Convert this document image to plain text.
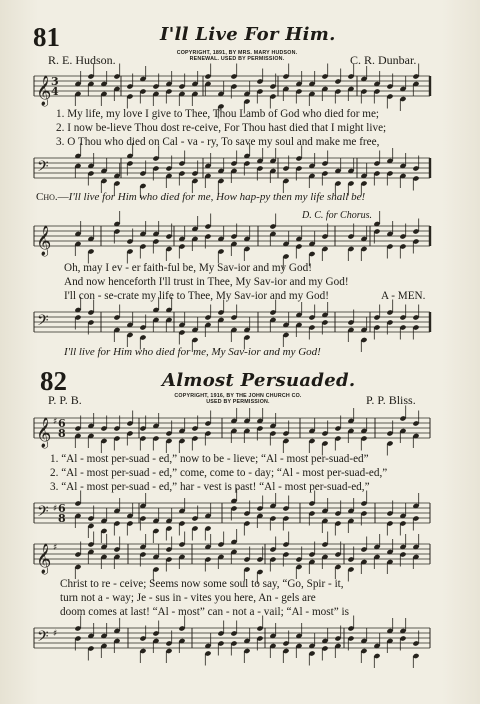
81	I'll Live For Him.
R. E. Hudson.	COPYRIGHT, 1891, BY MRS. MARY HUDSON.
RENEWAL. USED BY PERMISSION.	C. R. Dunbar.
𝄞 3
4
1. My life, my love I give to Thee, Thou Lamb of God who died for me;
2. I now be-lieve Thou dost re-ceive, For Thou hast died that I might live;
3. O Thou who died on Cal - va - ry, To save my soul and make me free,
𝄢
Cho.—I'll live for Him who died for me, How hap-py then my life shall be!
D. C. for Chorus.
𝄞
Oh, may I ev - er faith-ful be, My Sav-ior and my God!
And now henceforth I'll trust in Thee, My Sav-ior and my God!
I'll con - se-crate my life to Thee, My Sav-ior and my God!	A - MEN.
𝄢
I'll live for Him who died for me, My Sav-ior and my God!
82	Almost Persuaded.
P. P. B.	COPYRIGHT, 1916, BY THE JOHN CHURCH CO.
USED BY PERMISSION.	P. P. Bliss.
𝄞 ♯ 6
8
1. “Al - most per-suad - ed,” now to be - lieve; “Al - most per-suad-ed”
2. “Al - most per-suad - ed,” come, come to - day; “Al - most per-suad-ed,”
3. “Al - most per-suad - ed,” har - vest is past! “Al - most per-suad-ed,”
𝄢 ♯ 6
8
𝄞 ♯
Christ to re - ceive; Seems now some soul to say, “Go, Spir - it,
turn not a - way; Je - sus in - vites you here, An - gels are
doom comes at last! “Al - most” can - not a - vail; “Al - most” is
𝄢 ♯
